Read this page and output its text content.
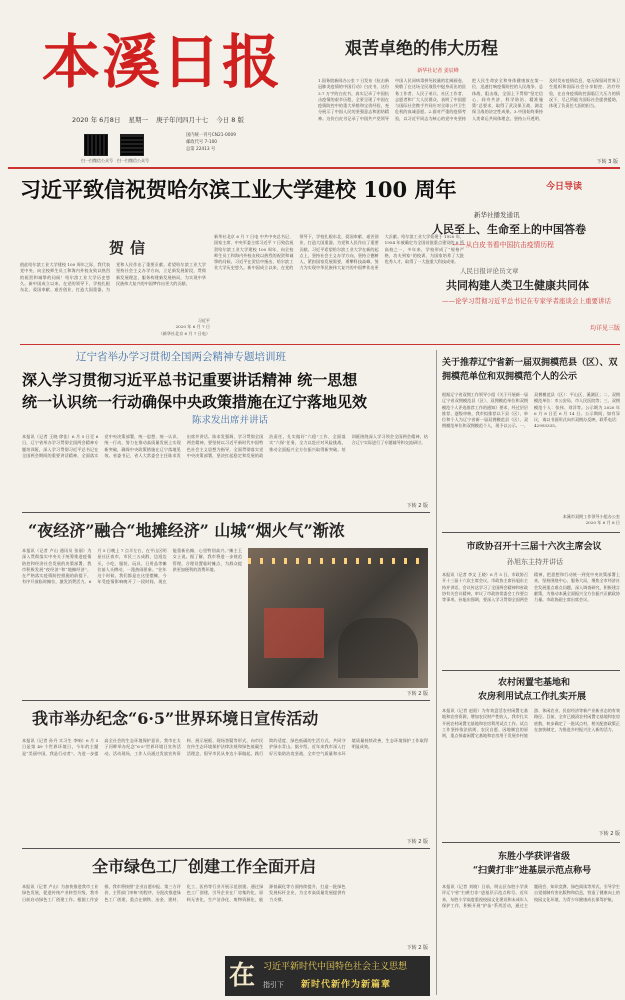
本溪日报
2020 年 6月8日 星期一 庚子年闰四月十七 今日 8 版
扫一扫微信公众号	扫一扫微信公众号
国内统一刊号CN21-0009
邮政代号 7-100
总第 22413 号
艰苦卓绝的伟大历程
新华社记者 姜辰峰
1.国务院新闻办公室 7 日发布《抗击新冠肺炎疫情的中国行动》白皮书，这份 3.7 万字的白皮书，真实记录了中国抗击疫情的艰辛历程，全景呈现了中国在疫情防控中的重大举措和宝贵经验，充分展示了中国人民的坚强意志和团结精神。这份白皮书记录了中国共产党领导中国人民同病毒拼死较量的壮阔画卷，致敬了在这场全民战役中挺身而出的医务工作者、人民子弟兵、社区工作者、志愿者和广大人民群众，表明了中国愿与国际社会携手共同应对全球公共卫生危机的真诚意愿。2.面对严重的疫情考验，以习近平同志为核心的党中央坚持把人民生命安全和身体健康放在第一位，迅速打响疫情防控的人民战争、总体战、阻击战，全国上下贯彻“坚定信心、同舟共济、科学防治、精准施策”总要求，取得了武汉保卫战、湖北保卫战的决定性成果。3.中国始终秉持人类命运共同体理念，坚持公开透明、及时发布疫情信息，毫无保留同世界卫生组织和国际社会分享防控、治疗经验，在自身疫情防控面临巨大压力的情况下，尽己所能为国际社会提供援助，体现了负责任大国的担当。
下转 3 版
习近平致信祝贺哈尔滨工业大学建校 100 周年
贺信
值此哈尔滨工业大学建校 100 周年之际，我代表党中央，向全校师生员工和海内外校友致以热烈的祝贺和诚挚的问候！哈尔滨工业大学历史悠久。新中国成立以来，在党的领导下，学校扎根东北、爱国奉献、艰苦创业、打造大国重器，为党和人民作出了重要贡献。希望哈尔滨工业大学坚持社会主义办学方向，立足新发展阶段，贯彻新发展理念，服务构建新发展格局，为实现中华民族伟大复兴的中国梦作出更大的贡献。
习近平
2020 年 6 月 7 日
（新华社北京 6 月 7 日电）
新华社北京 6 月 7 日电 中共中央总书记、国家主席、中央军委主席习近平 7 日致信祝贺哈尔滨工业大学建校 100 周年，向全校师生员工和海内外校友致以热烈的祝贺和诚挚的问候。习近平在贺信中指出，哈尔滨工业大学历史悠久。新中国成立以来，在党的领导下，学校扎根东北、爱国奉献、艰苦创业，打造大国重器，为党和人民作出了重要贡献。习近平希望哈尔滨工业大学在新的起点上，坚持社会主义办学方向，坚持立德树人，紧扣国家发展需要，勇攀科技高峰，努力为实现中华民族伟大复兴的中国梦作出更大贡献。哈尔滨工业大学始建于 1920 年，1954 年被确定为全国首批重点建设的 6 所高校之一，多年来，学校形成了“规格严格，功夫到家”的校训，为国家培养了大批优秀人才，取得了一大批重大科技成果。
今日导读
新华社播发通讯
人民至上、生命至上的中国答卷
——从白皮书看中国抗击疫情历程
人民日报评论员文章
共同构建人类卫生健康共同体
——论学习贯彻习近平总书记在专家学者座谈会上重要讲话
均详见三版
辽宁省举办学习贯彻全国两会精神专题培训班
深入学习贯彻习近平总书记重要讲话精神 统一思想
统一认识统一行动确保中央政策措施在辽宁落地见效
陈求发出席并讲话
本报讯（记者 王晓 徐佳）6 月 5 日至 6 日，辽宁省举办学习贯彻全国两会精神专题培训班，深入学习贯彻习近平总书记在全国两会期间的重要讲话精神，全面落实党中央决策部署，统一思想、统一认识、统一行动，努力在推动高质量发展上实现新突破，确保中央政策措施在辽宁落地见效。省委书记、省人大常委会主任陈求发出席并讲话。陈求发强调，学习贯彻全国两会精神，要坚持以习近平新时代中国特色社会主义思想为指导，全面贯彻落实党中央决策部署，坚决扛起稳定和发展的政治责任，扎实做好“六稳”工作、全面落实“六保”任务，全力以赴应对风险挑战，推动全面振兴全方位振兴取得新突破。培训班围绕深入学习领会全国两会精神，结合辽宁实际进行了专题辅导和交流研讨。
下转 2 版
“夜经济”融合“地摊经济” 山城“烟火气”渐浓
本报讯（记者 卢山 通讯员 张丽）为深入贯彻落实中央关于统筹推进疫情防控和经济社会发展的决策部署，我市积极发展“夜经济”和“地摊经济”，在严格落实疫情防控措施的前提下，有序开放临时摊位，激发消费活力。6 月 5 日晚上 7 点半左右，在平山区明星社区夜市，市民三五成群，边逛边买，小吃、服装、玩具、日用品等摊位前人头攒动，一派热闹景象。“往年这个时候，我们都是在这里摆摊，今年受疫情影响晚开了一段时间，现在能重新出摊，心里特别高兴。”摊主王女士说。据了解，我市将进一步规范管理，合理设置临时摊点，为群众提供更加便利的消费环境。
下转 2 版
我市举办纪念“6·5”世界环境日宣传活动
本报讯（记者 孙丹 实习生 李响）6 月 5 日是第 49 个世界环境日，今年的主题是“美丽中国，我是行动者”。为进一步提高全社会的生态环境保护意识，我市在太子河畔举办纪念“6·5”世界环境日宣传活动。活动现场，工作人员通过发放宣传资料、展示展板、现场答疑等形式，向市民宣传生态环境保护法律法规和绿色低碳生活理念，倡导市民从身边小事做起，践行简约适度、绿色低碳的生活方式，共同守护绿水青山。据介绍，近年来我市深入打好污染防治攻坚战，全市空气质量和水环境质量持续改善，生态环境保护工作取得明显成效。
下转 2 版
全市绿色工厂创建工作全面开启
本报讯（记者 卢山）为加快推进我市工业绿色发展，促进传统产业转型升级，我市日前启动绿色工厂创建工作。根据工作安排，我市将按照“企业自愿申报、第三方评价、主管部门审核”的程序，分批次推进绿色工厂创建，重点在钢铁、冶金、建材、化工、医药等行业开展示范创建。通过绿色工厂创建，引导企业在厂房集约化、原料无害化、生产洁净化、废物资源化、能源低碳化等方面持续提升，打造一批绿色发展标杆企业，为全市高质量发展提供有力支撑。
下转 2 版
在 习近平新时代中国特色社会主义思想
指引下	新时代新作为新篇章
关于推荐辽宁省新一届双拥模范县（区）、双拥模范单位和双拥模范个人的公示
根据辽宁省双拥工作领导小组《关于开展新一届辽宁省双拥模范县（区）、双拥模范单位和双拥模范个人评选推荐工作的通知》要求，经过层层推荐、逐级审核，我市拟推荐以下县（区）、单位和个人为辽宁省新一届双拥模范县（区）、双拥模范单位和双拥模范个人，现予以公示。一、双拥模范县（区）：平山区、溪湖区；二、双拥模范单位：市公安局、市人民医院等；三、双拥模范个人：张伟、刘洋等。公示期为 2020 年 6 月 8 日至 6 月 14 日。公示期间，如有异议，请以书面形式向市双拥办反映，联系电话：42993335。
本溪市双拥工作领导小组办公室
2020 年 6 月 8 日
市政协召开十三届十六次主席会议
孙旭东主持并讲话
本报讯（记者 李文 王晓）6 月 5 日，市政协召开十三届十六次主席会议。市政协主席孙旭东主持并讲话。会议传达学习了全国两会精神和省政协有关会议精神，审议了市政协常委会工作要点等事项。孙旭东强调，要深入学习贯彻全国两会精神，把思想和行动统一到党中央决策部署上来，坚持围绕中心、服务大局，聚焦全市经济社会发展重点难点问题，深入调查研究，积极建言献策，为推动本溪全面振兴全方位振兴贡献政协力量。市政协副主席出席会议。
农村闲置宅基地和
农房利用试点工作扎实开展
本报讯（记者 赵阳）为有效盘活农村闲置宅基地和农房资源，增加农民财产性收入，我市扎实开展农村闲置宅基地和农房利用试点工作。试点工作坚持依法依规、农民自愿、因地制宜的原则，重点探索闲置宅基地和农房用于发展乡村旅游、休闲农业、民宿经济等新产业新业态的有效路径。目前，全市已摸清农村闲置宅基地和农房底数，初步确定了一批试点村，相关配套政策正在加快制定，为推进乡村振兴注入新的活力。
下转 2 版
东胜小学获评省级
“扫黄打非”进基层示范点称号
本报讯（记者 刘晓）日前，明山区东胜小学获评辽宁省“扫黄打非”进基层示范点称号。近年来，东胜小学高度重视校园文化建设和未成年人保护工作，积极开展“护苗”系列活动，通过主题班会、知识竞赛、绿色阅读等形式，引导学生自觉抵制有害出版物和信息，营造了健康向上的校园文化环境，为青少年健康成长保驾护航。
